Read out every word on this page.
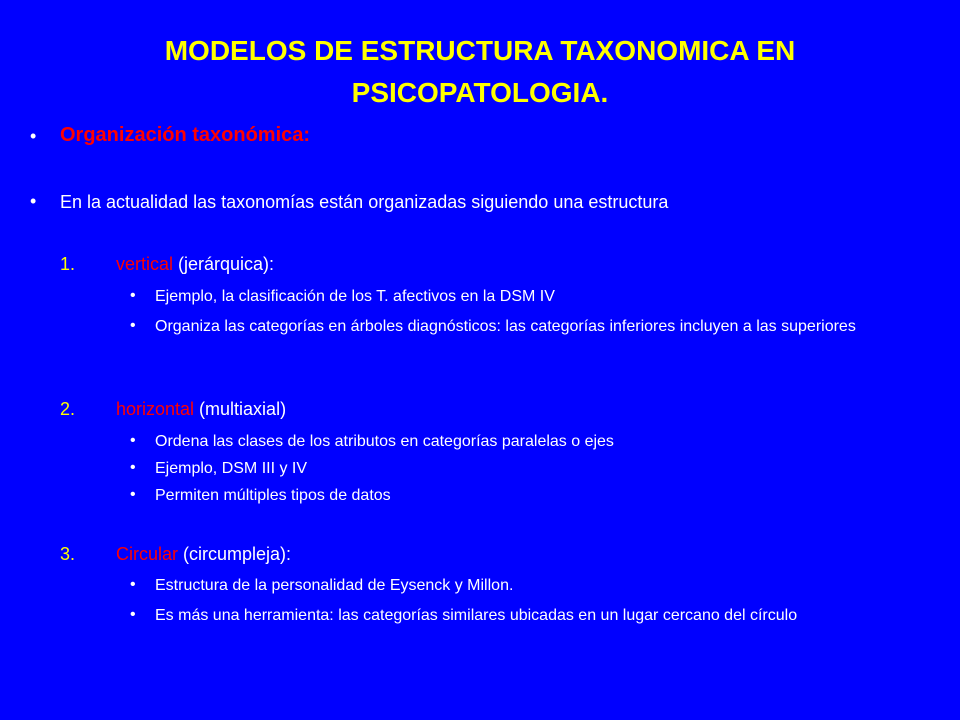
MODELOS DE ESTRUCTURA TAXONOMICA EN PSICOPATOLOGIA.
• Organización taxonómica:
• En la actualidad las taxonomías están organizadas siguiendo una estructura
1. vertical (jerárquica):
• Ejemplo, la clasificación de los T. afectivos en la DSM IV
• Organiza las categorías en árboles diagnósticos: las categorías inferiores incluyen a las superiores
2. horizontal (multiaxial)
• Ordena las clases de los atributos en categorías paralelas o ejes
• Ejemplo, DSM III y IV
• Permiten múltiples tipos de datos
3. Circular (circumpleja):
• Estructura de la personalidad de Eysenck y Millon.
• Es más una herramienta: las categorías similares ubicadas en un lugar cercano del círculo
